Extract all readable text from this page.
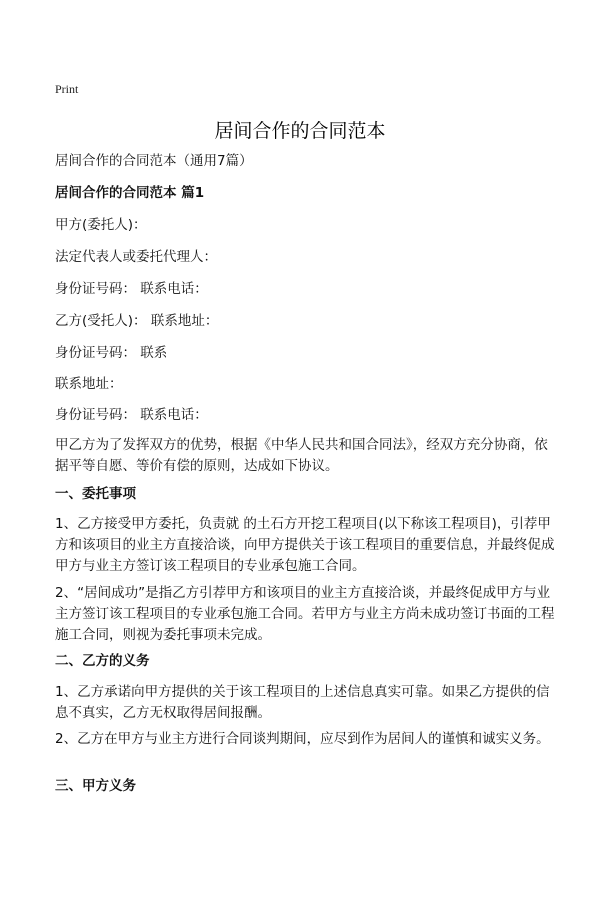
Print
居间合作的合同范本

居间合作的合同范本（通用7篇）

居间合作的合同范本 篇1

甲方(委托人)：

法定代表人或委托代理人：

身份证号码： 联系电话：

乙方(受托人)： 联系地址：

身份证号码： 联系

联系地址：

身份证号码： 联系电话：

甲乙方为了发挥双方的优势，根据《中华人民共和国合同法》，经双方充分协商，依据平等自愿、等价有偿的原则，达成如下协议。

一、委托事项

1、乙方接受甲方委托，负责就 的土石方开挖工程项目(以下称该工程项目)，引荐甲方和该项目的业主方直接洽谈，向甲方提供关于该工程项目的重要信息，并最终促成甲方与业主方签订该工程项目的专业承包施工合同。

2、“居间成功”是指乙方引荐甲方和该项目的业主方直接洽谈，并最终促成甲方与业主方签订该工程项目的专业承包施工合同。若甲方与业主方尚未成功签订书面的工程施工合同，则视为委托事项未完成。

二、乙方的义务

1、乙方承诺向甲方提供的关于该工程项目的上述信息真实可靠。如果乙方提供的信息不真实，乙方无权取得居间报酬。

2、乙方在甲方与业主方进行合同谈判期间，应尽到作为居间人的谨慎和诚实义务。

三、甲方义务
